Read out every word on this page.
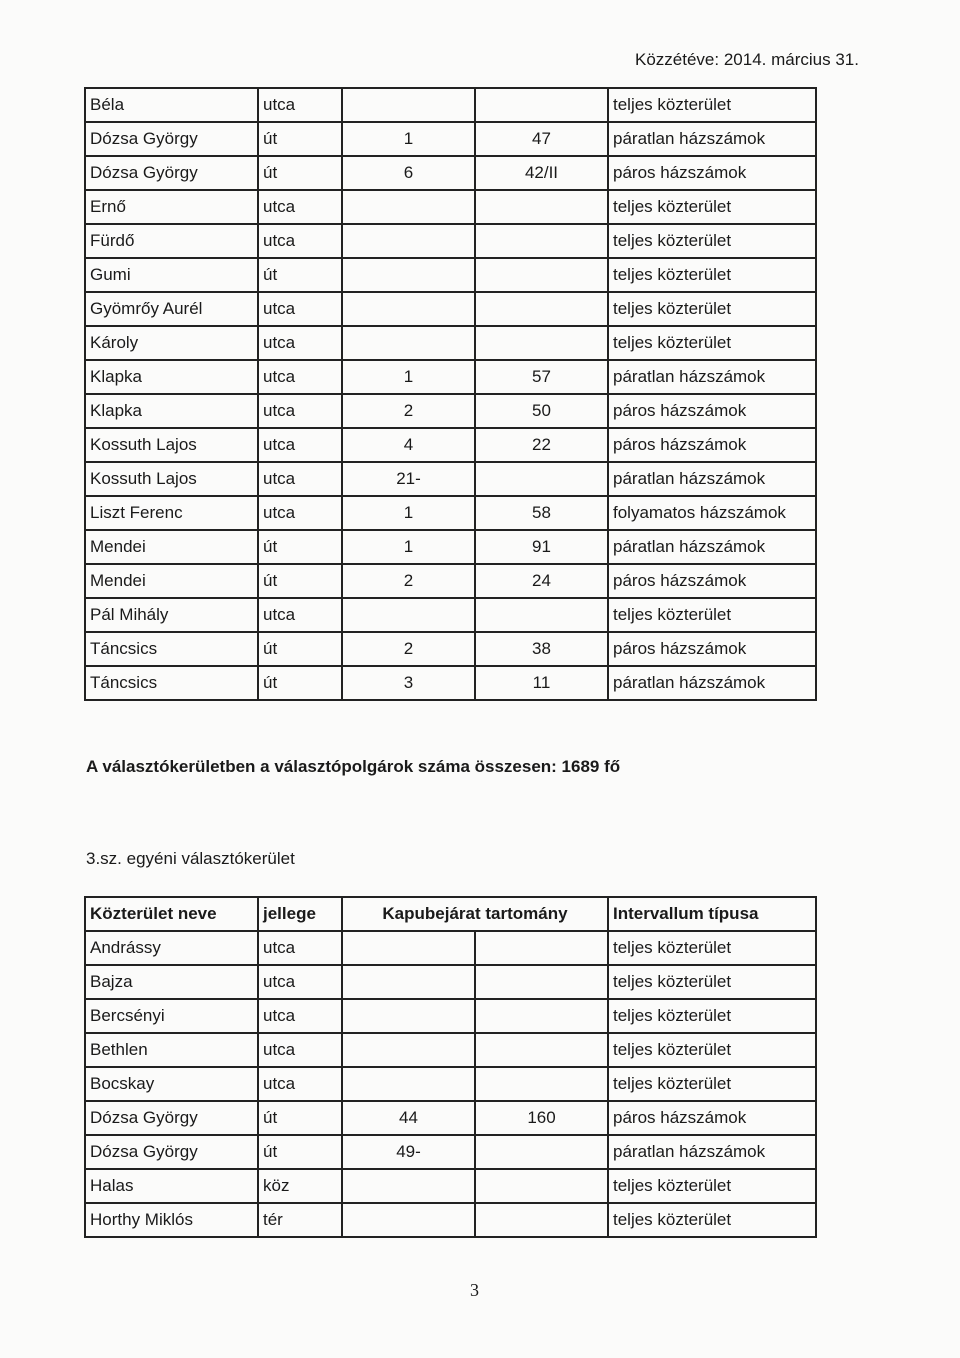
Közzétéve: 2014. március 31.
Béla	utca			teljes közterület
Dózsa György	út	1	47	páratlan házszámok
Dózsa György	út	6	42/II	páros házszámok
Ernő	utca			teljes közterület
Fürdő	utca			teljes közterület
Gumi	út			teljes közterület
Gyömrőy Aurél	utca			teljes közterület
Károly	utca			teljes közterület
Klapka	utca	1	57	páratlan házszámok
Klapka	utca	2	50	páros házszámok
Kossuth Lajos	utca	4	22	páros házszámok
Kossuth Lajos	utca	21-		páratlan házszámok
Liszt Ferenc	utca	1	58	folyamatos házszámok
Mendei	út	1	91	páratlan házszámok
Mendei	út	2	24	páros házszámok
Pál Mihály	utca			teljes közterület
Táncsics	út	2	38	páros házszámok
Táncsics	út	3	11	páratlan házszámok
A választókerületben a választópolgárok száma összesen: 1689 fő
3.sz. egyéni választókerület
Közterület neve	jellege	Kapubejárat tartomány		Intervallum típusa
Andrássy	utca			teljes közterület
Bajza	utca			teljes közterület
Bercsényi	utca			teljes közterület
Bethlen	utca			teljes közterület
Bocskay	utca			teljes közterület
Dózsa György	út	44	160	páros házszámok
Dózsa György	út	49-		páratlan házszámok
Halas	köz			teljes közterület
Horthy Miklós	tér			teljes közterület
3
